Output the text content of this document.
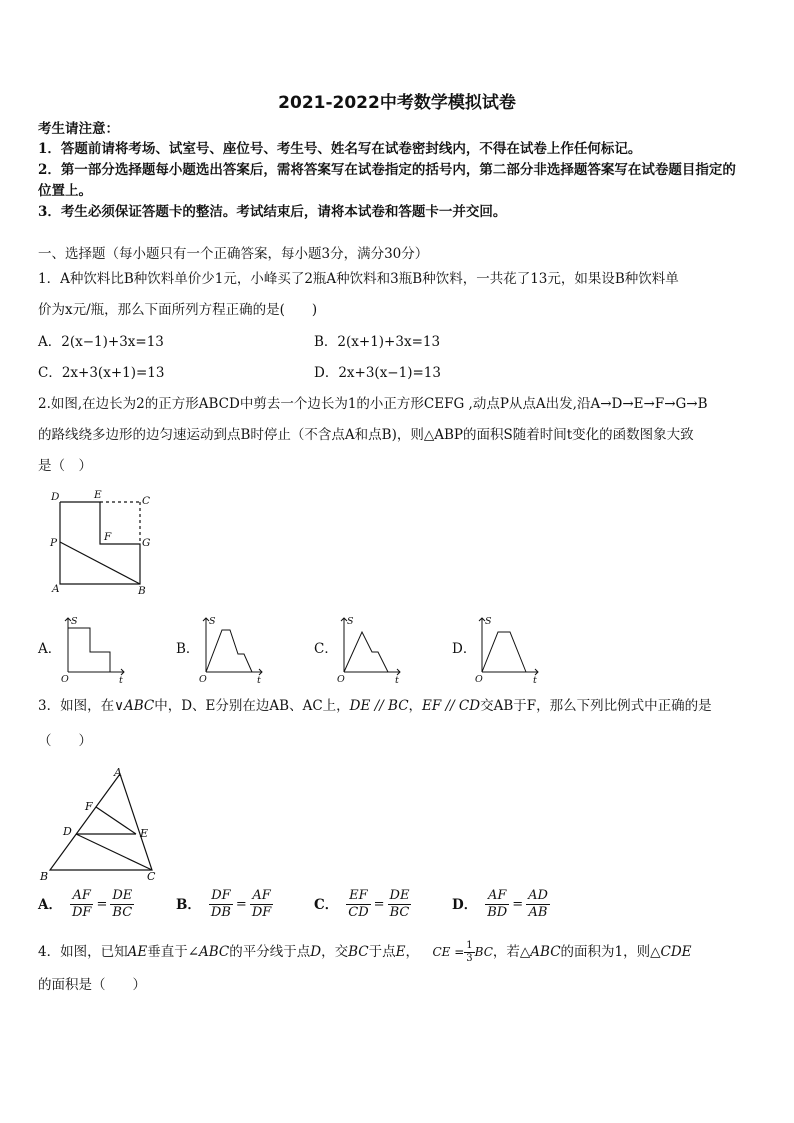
2021-2022中考数学模拟试卷
考生请注意：
1．答题前请将考场、试室号、座位号、考生号、姓名写在试卷密封线内，不得在试卷上作任何标记。
2．第一部分选择题每小题选出答案后，需将答案写在试卷指定的括号内，第二部分非选择题答案写在试卷题目指定的
位置上。
3．考生必须保证答题卡的整洁。考试结束后，请将本试卷和答题卡一并交回。
一、选择题（每小题只有一个正确答案，每小题3分，满分30分）
1．A种饮料比B种饮料单价少1元，小峰买了2瓶A种饮料和3瓶B种饮料，一共花了13元，如果设B种饮料单
价为x元/瓶，那么下面所列方程正确的是(　　)
A．2(x−1)+3x=13	B．2(x+1)+3x=13
C．2x+3(x+1)=13	D．2x+3(x−1)=13
2.如图,在边长为2的正方形ABCD中剪去一个边长为1的小正方形CEFG ,动点P从点A出发,沿A→D→E→F→G→B
的路线绕多边形的边匀速运动到点B时停止（不含点A和点B)，则△ABP的面积S随着时间t变化的函数图象大致
是（　）
D	E	C
P	F	G
A	B
A．
S
t
O
B．
S
t
O
C．
S
t
O
D．
S
t
O
3．如图，在∨ABC中，D、E分别在边AB、AC上，DE // BC，EF // CD交AB于F，那么下列比例式中正确的是
（　　）
A
F
D	E
B	C
A． $\frac{AF}{DF} = \frac{DE}{BC}$	B． $\frac{DF}{DB} = \frac{AF}{DF}$	C． $\frac{EF}{CD} = \frac{DE}{BC}$	D． $\frac{AF}{BD} = \frac{AD}{AB}$
4．如图，已知AE垂直于∠ABC的平分线于点D，交BC于点E，  CE = $\frac{1}{3}$ BC，若△ABC的面积为1，则△CDE
的面积是（　　）
